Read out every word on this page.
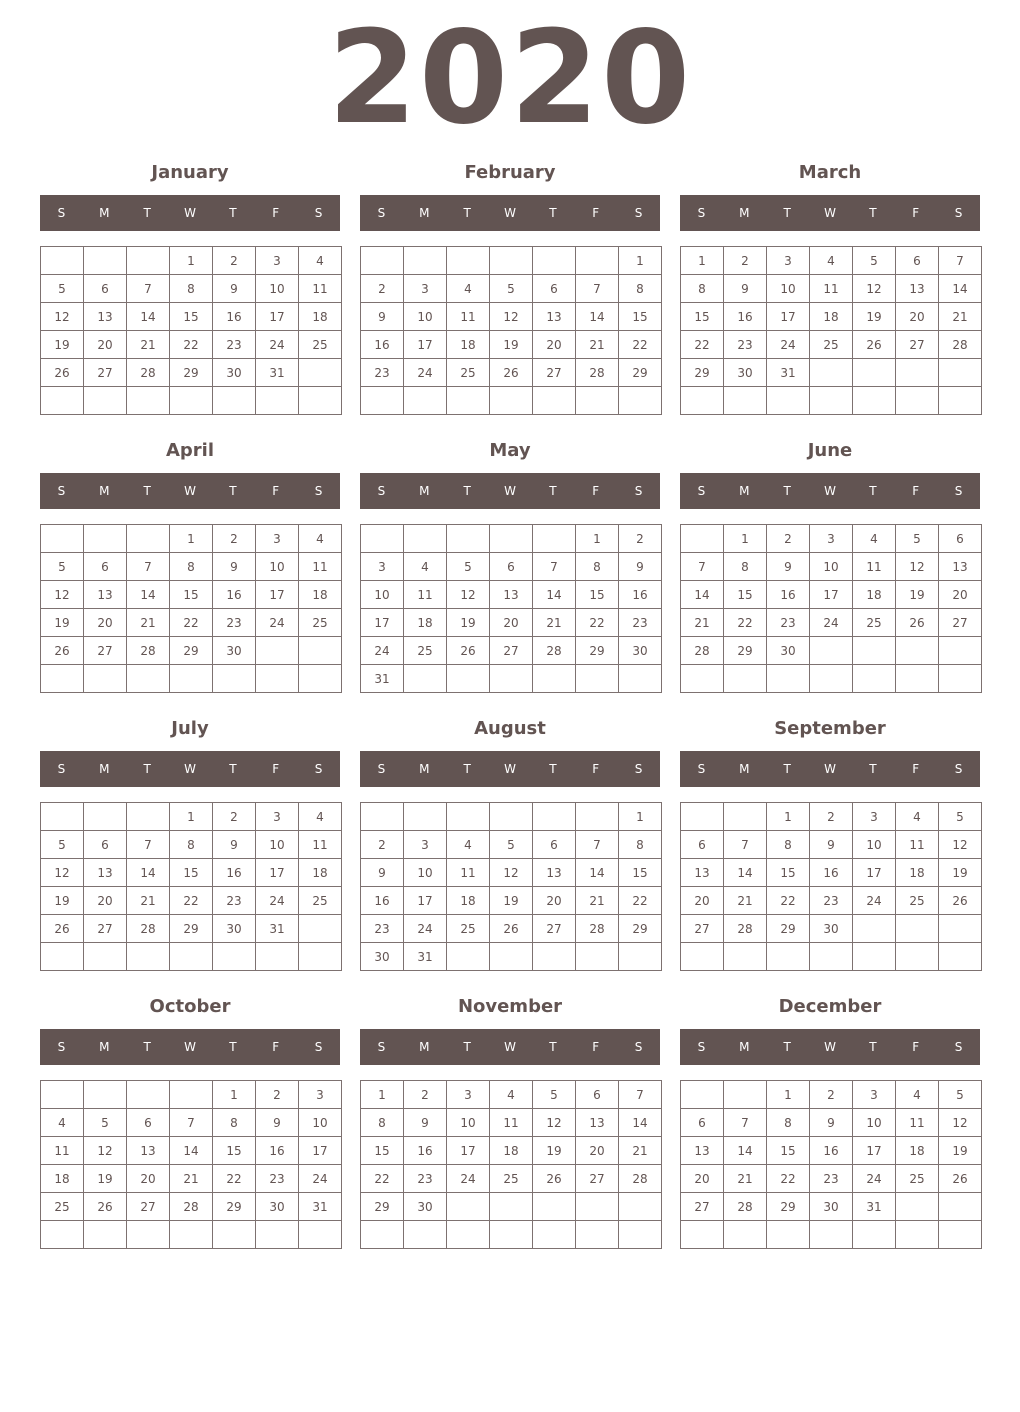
2020
January
S	M	T	W	T	F	S
			1	2	3	4
5	6	7	8	9	10	11
12	13	14	15	16	17	18
19	20	21	22	23	24	25
26	27	28	29	30	31	

February
S	M	T	W	T	F	S
						1
2	3	4	5	6	7	8
9	10	11	12	13	14	15
16	17	18	19	20	21	22
23	24	25	26	27	28	29

March
S	M	T	W	T	F	S
1	2	3	4	5	6	7
8	9	10	11	12	13	14
15	16	17	18	19	20	21
22	23	24	25	26	27	28
29	30	31				

April
S	M	T	W	T	F	S
			1	2	3	4
5	6	7	8	9	10	11
12	13	14	15	16	17	18
19	20	21	22	23	24	25
26	27	28	29	30		

May
S	M	T	W	T	F	S
					1	2
3	4	5	6	7	8	9
10	11	12	13	14	15	16
17	18	19	20	21	22	23
24	25	26	27	28	29	30
31						
June
S	M	T	W	T	F	S
	1	2	3	4	5	6
7	8	9	10	11	12	13
14	15	16	17	18	19	20
21	22	23	24	25	26	27
28	29	30				

July
S	M	T	W	T	F	S
			1	2	3	4
5	6	7	8	9	10	11
12	13	14	15	16	17	18
19	20	21	22	23	24	25
26	27	28	29	30	31	

August
S	M	T	W	T	F	S
						1
2	3	4	5	6	7	8
9	10	11	12	13	14	15
16	17	18	19	20	21	22
23	24	25	26	27	28	29
30	31					
September
S	M	T	W	T	F	S
		1	2	3	4	5
6	7	8	9	10	11	12
13	14	15	16	17	18	19
20	21	22	23	24	25	26
27	28	29	30			

October
S	M	T	W	T	F	S
				1	2	3
4	5	6	7	8	9	10
11	12	13	14	15	16	17
18	19	20	21	22	23	24
25	26	27	28	29	30	31

November
S	M	T	W	T	F	S
1	2	3	4	5	6	7
8	9	10	11	12	13	14
15	16	17	18	19	20	21
22	23	24	25	26	27	28
29	30					

December
S	M	T	W	T	F	S
		1	2	3	4	5
6	7	8	9	10	11	12
13	14	15	16	17	18	19
20	21	22	23	24	25	26
27	28	29	30	31		
